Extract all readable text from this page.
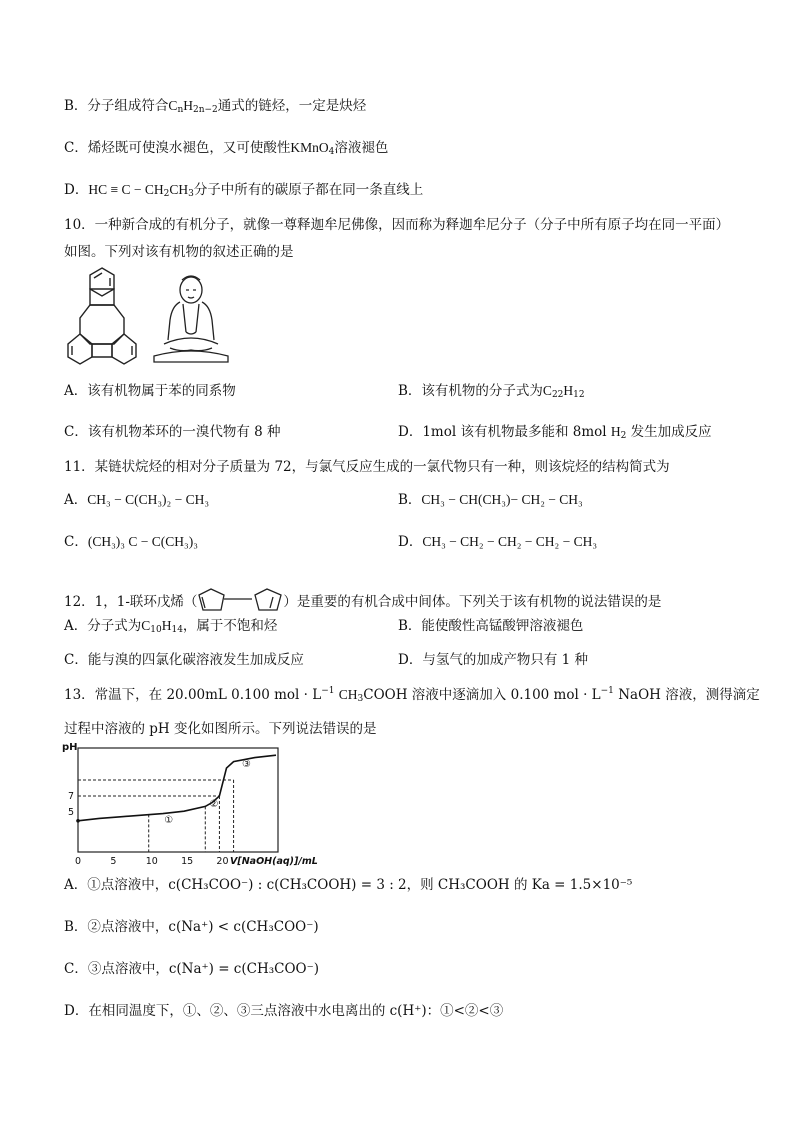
B．分子组成符合$C_nH_{2n-2}$通式的链烃，一定是炔烃
C．烯烃既可使溴水褪色，又可使酸性KMnO$_4$溶液褪色
D．HC ≡ $C - CH_2CH_3$分子中所有的碳原子都在同一条直线上
10．一种新合成的有机分子，就像一尊释迦牟尼佛像，因而称为释迦牟尼分子（分子中所有原子均在同一平面）
如图。下列对该有机物的叙述正确的是
A．该有机物属于苯的同系物	B．该有机物的分子式为$C_{22}H_{12}$
C．该有机物苯环的一溴代物有 8 种	D．1mol 该有机物最多能和 8mol $H_2$ 发生加成反应
11．某链状烷烃的相对分子质量为 72，与氯气反应生成的一氯代物只有一种，则该烷烃的结构简式为
A．CH₃ − C(CH₃)₂ − CH₃	B．CH₃ − CH(CH₃)− CH₂ − CH₃
C．(CH₃)₃ C − C(CH₃)₃	D．CH₃ − CH₂ − CH₂ − CH₂ − CH₃
12．1，1-联环戊烯（	）是重要的有机合成中间体。下列关于该有机物的说法错误的是
A．分子式为$C_{10}H_{14}$，属于不饱和烃	B．能使酸性高锰酸钾溶液褪色
C．能与溴的四氯化碳溶液发生加成反应	D．与氢气的加成产物只有 1 种
13．常温下，在 20.00mL 0.100 mol · $L^{-1}$ $CH_3COOH$ 溶液中逐滴加入 0.100 mol · $L^{-1}$ NaOH 溶液，测得滴定
过程中溶液的 pH 变化如图所示。下列说法错误的是
pH
V[NaOH(aq)]/mL
0	5	10 15 20
5
7
①
②
③
A．①点溶液中，c(CH₃COO⁻) : c(CH₃COOH) = 3 : 2，则 CH₃COOH 的 Ka = 1.5×10⁻⁵
B．②点溶液中，c(Na⁺) < c(CH₃COO⁻)
C．③点溶液中，c(Na⁺) = c(CH₃COO⁻)
D．在相同温度下，①、②、③三点溶液中水电离出的 c(H⁺)：①<②<③
